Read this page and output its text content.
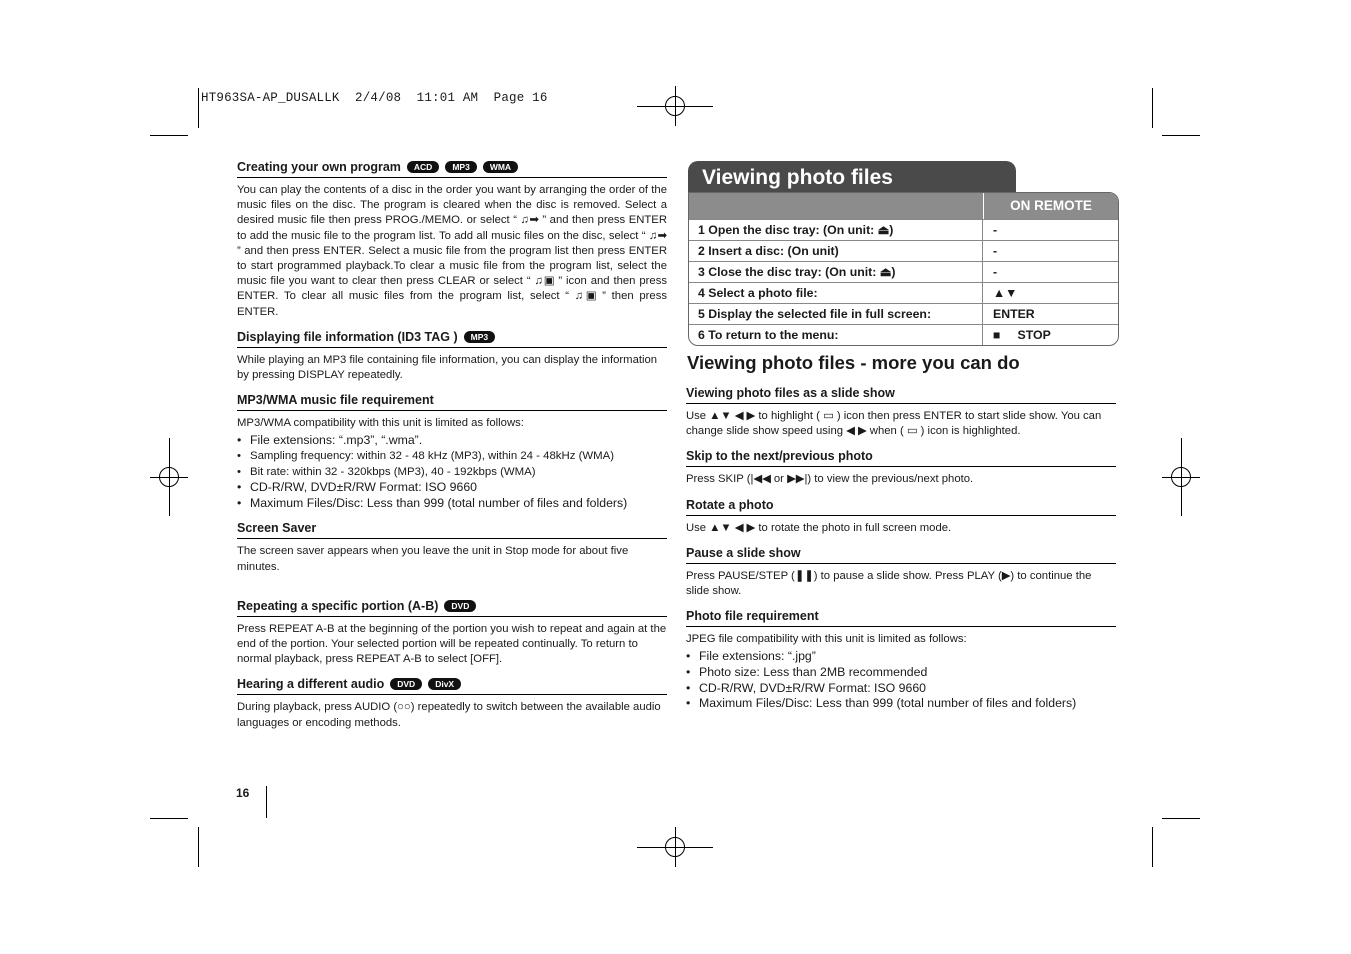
HT963SA-AP_DUSALLK  2/4/08  11:01 AM  Page 16
Creating your own program	ACD	MP3	WMA
You can play the contents of a disc in the order you want by arranging the order of the music files on the disc. The program is cleared when the disc is removed. Select a desired music file then press PROG./MEMO. or select “ ♫➡ ” and then press ENTER to add the music file to the program list. To add all music files on the disc, select “ ♫➡ ” and then press ENTER. Select a music file from the program list then press ENTER to start programmed playback.To clear a music file from the program list, select the music file you want to clear then press CLEAR or select “ ♫▣ ” icon and then press ENTER. To clear all music files from the program list, select “ ♫▣ ” then press ENTER.
Displaying file information (ID3 TAG )	MP3
While playing an MP3 file containing file information, you can display the information by pressing DISPLAY repeatedly.
MP3/WMA music file requirement
MP3/WMA compatibility with this unit is limited as follows:
• File extensions: “.mp3”, “.wma”.
• Sampling frequency: within 32 - 48 kHz (MP3), within 24 - 48kHz (WMA)
• Bit rate: within 32 - 320kbps (MP3), 40 - 192kbps (WMA)
• CD-R/RW, DVD±R/RW Format: ISO 9660
• Maximum Files/Disc: Less than 999 (total number of files and folders)
Screen Saver
The screen saver appears when you leave the unit in Stop mode for about five minutes.
Repeating a specific portion (A-B)	DVD
Press REPEAT A-B at the beginning of the portion you wish to repeat and again at the end of the portion. Your selected portion will be repeated continually. To return to normal playback, press REPEAT A-B to select [OFF].
Hearing a different audio	DVD	DivX
During playback, press AUDIO (○○) repeatedly to switch between the available audio languages or encoding methods.
Viewing photo files
ON REMOTE
1 Open the disc tray: (On unit: ⏏)	-
2 Insert a disc: (On unit)	-
3 Close the disc tray: (On unit: ⏏)	-
4 Select a photo file:	▲▼
5 Display the selected file in full screen:	ENTER
6 To return to the menu:	■     STOP
Viewing photo files - more you can do
Viewing photo files as a slide show
Use ▲▼ ◀ ▶ to highlight ( ▭ ) icon then press ENTER to start slide show. You can change slide show speed using ◀ ▶ when ( ▭ ) icon is highlighted.
Skip to the next/previous photo
Press SKIP (|◀◀ or ▶▶|) to view the previous/next photo.
Rotate a photo
Use ▲▼ ◀ ▶ to rotate the photo in full screen mode.
Pause a slide show
Press PAUSE/STEP (❚❚) to pause a slide show. Press PLAY (▶) to continue the slide show.
Photo file requirement
JPEG file compatibility with this unit is limited as follows:
• File extensions: “.jpg”
• Photo size: Less than 2MB recommended
• CD-R/RW, DVD±R/RW Format: ISO 9660
• Maximum Files/Disc: Less than 999 (total number of files and folders)
16
